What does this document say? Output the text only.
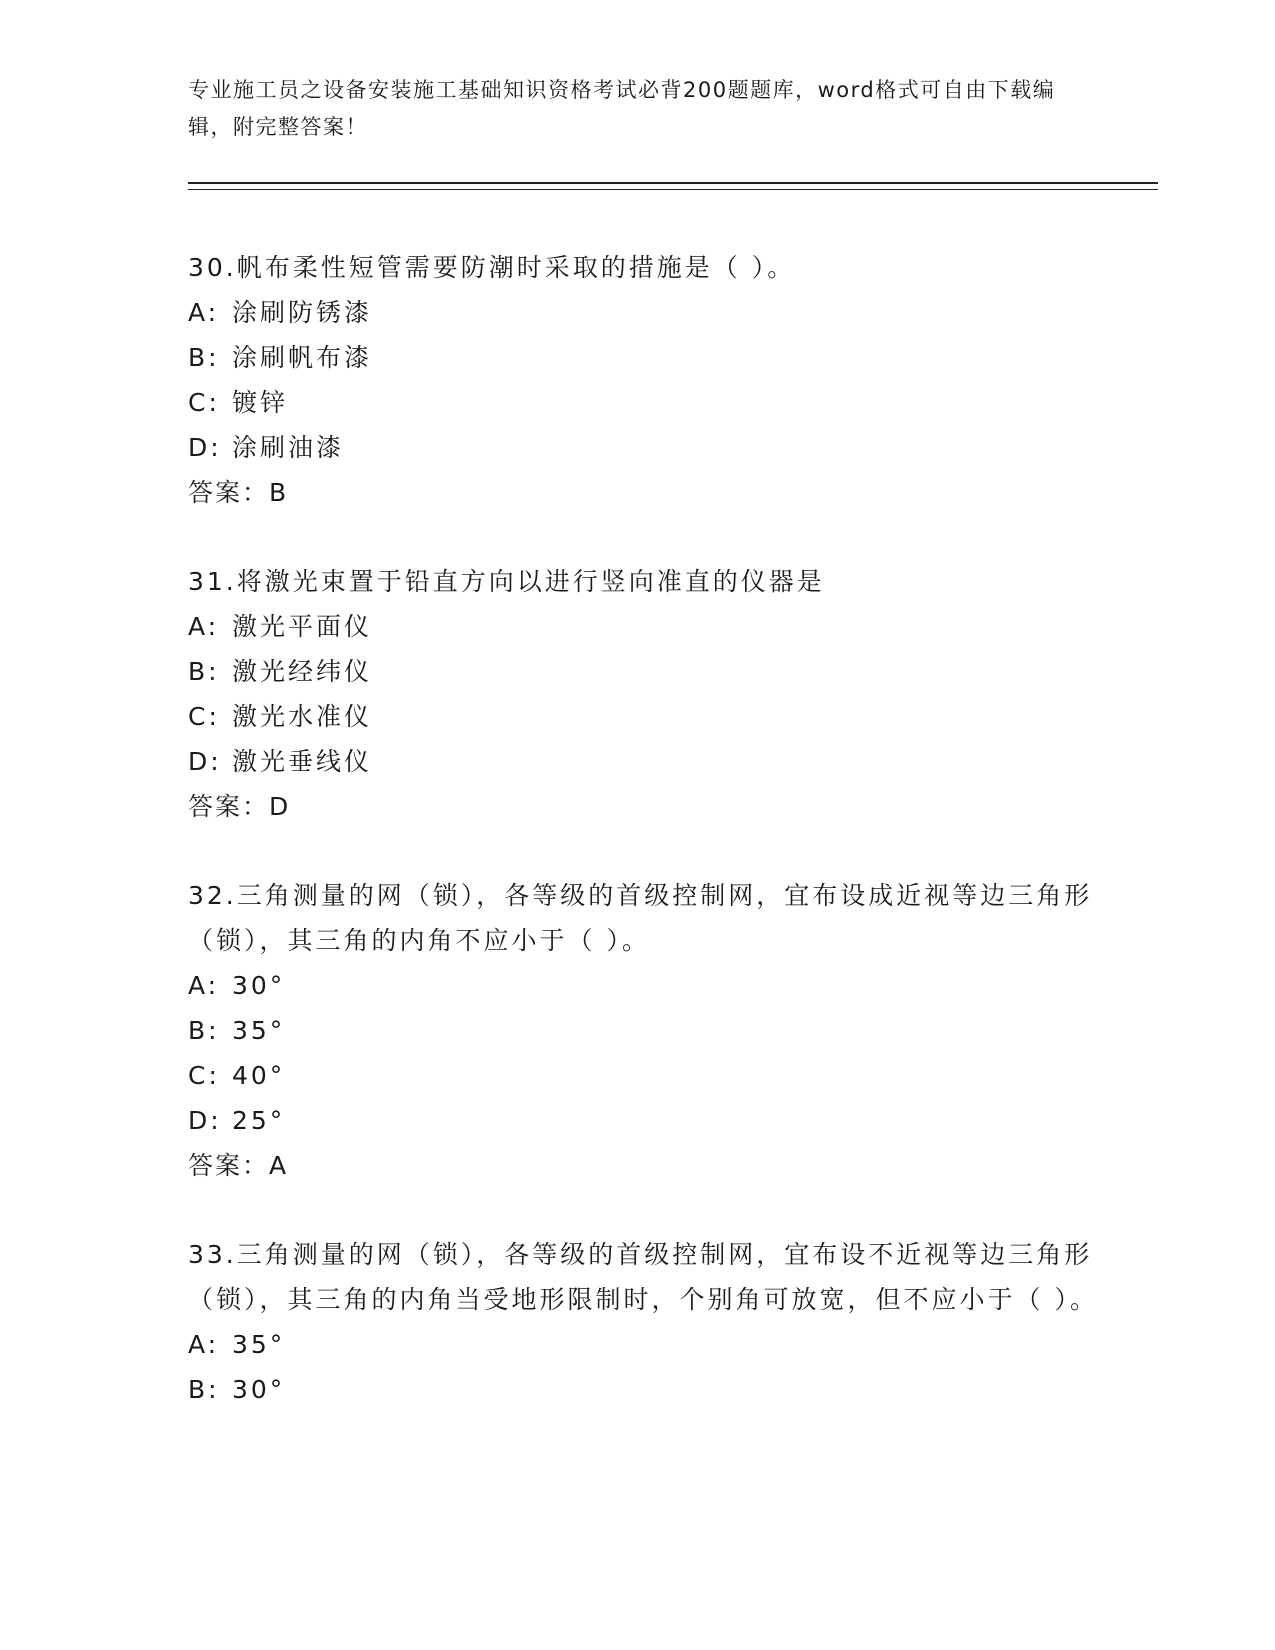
专业施工员之设备安装施工基础知识资格考试必背200题题库，word格式可自由下载编辑，附完整答案！

30.帆布柔性短管需要防潮时采取的措施是（ ）。

A: 涂刷防锈漆
B: 涂刷帆布漆
C: 镀锌
D: 涂刷油漆
答案：B

31.将激光束置于铅直方向以进行竖向准直的仪器是

A: 激光平面仪
B: 激光经纬仪
C: 激光水准仪
D: 激光垂线仪
答案：D

32.三角测量的网（锁），各等级的首级控制网，宜布设成近视等边三角形（锁），其三角的内角不应小于（ ）。

A: 30°
B: 35°
C: 40°
D: 25°
答案：A

33.三角测量的网（锁），各等级的首级控制网，宜布设不近视等边三角形（锁），其三角的内角当受地形限制时，个别角可放宽，但不应小于（ ）。

A: 35°
B: 30°
